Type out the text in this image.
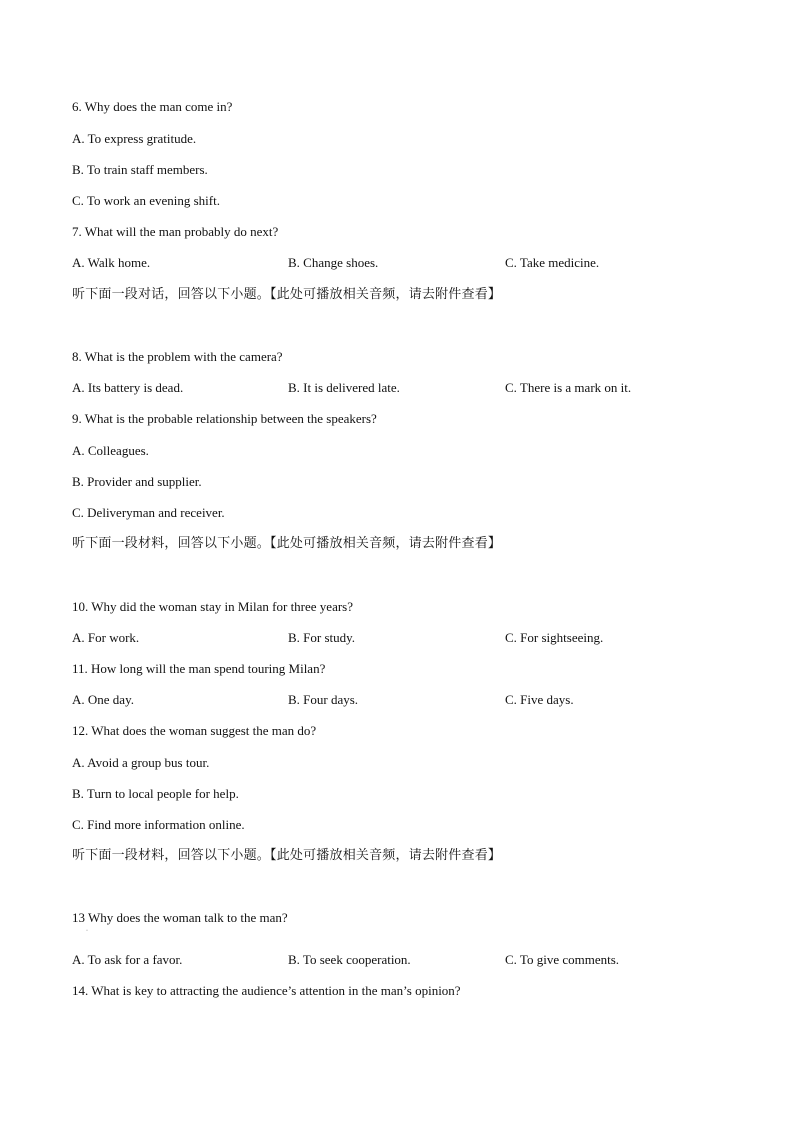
6. Why does the man come in?
A. To express gratitude.
B. To train staff members.
C. To work an evening shift.
7. What will the man probably do next?
A. Walk home.	B. Change shoes.	C. Take medicine.
听下面一段对话，回答以下小题。【此处可播放相关音频，请去附件查看】
8. What is the problem with the camera?
A. Its battery is dead.	B. It is delivered late.	C. There is a mark on it.
9. What is the probable relationship between the speakers?
A. Colleagues.
B. Provider and supplier.
C. Deliveryman and receiver.
听下面一段材料，回答以下小题。【此处可播放相关音频，请去附件查看】
10. Why did the woman stay in Milan for three years?
A. For work.	B. For study.	C. For sightseeing.
11. How long will the man spend touring Milan?
A. One day.	B. Four days.	C. Five days.
12. What does the woman suggest the man do?
A. Avoid a group bus tour.
B. Turn to local people for help.
C. Find more information online.
听下面一段材料，回答以下小题。【此处可播放相关音频，请去附件查看】
13 Why does the woman talk to the man?
·
A. To ask for a favor.	B. To seek cooperation.	C. To give comments.
14. What is key to attracting the audience’s attention in the man’s opinion?
